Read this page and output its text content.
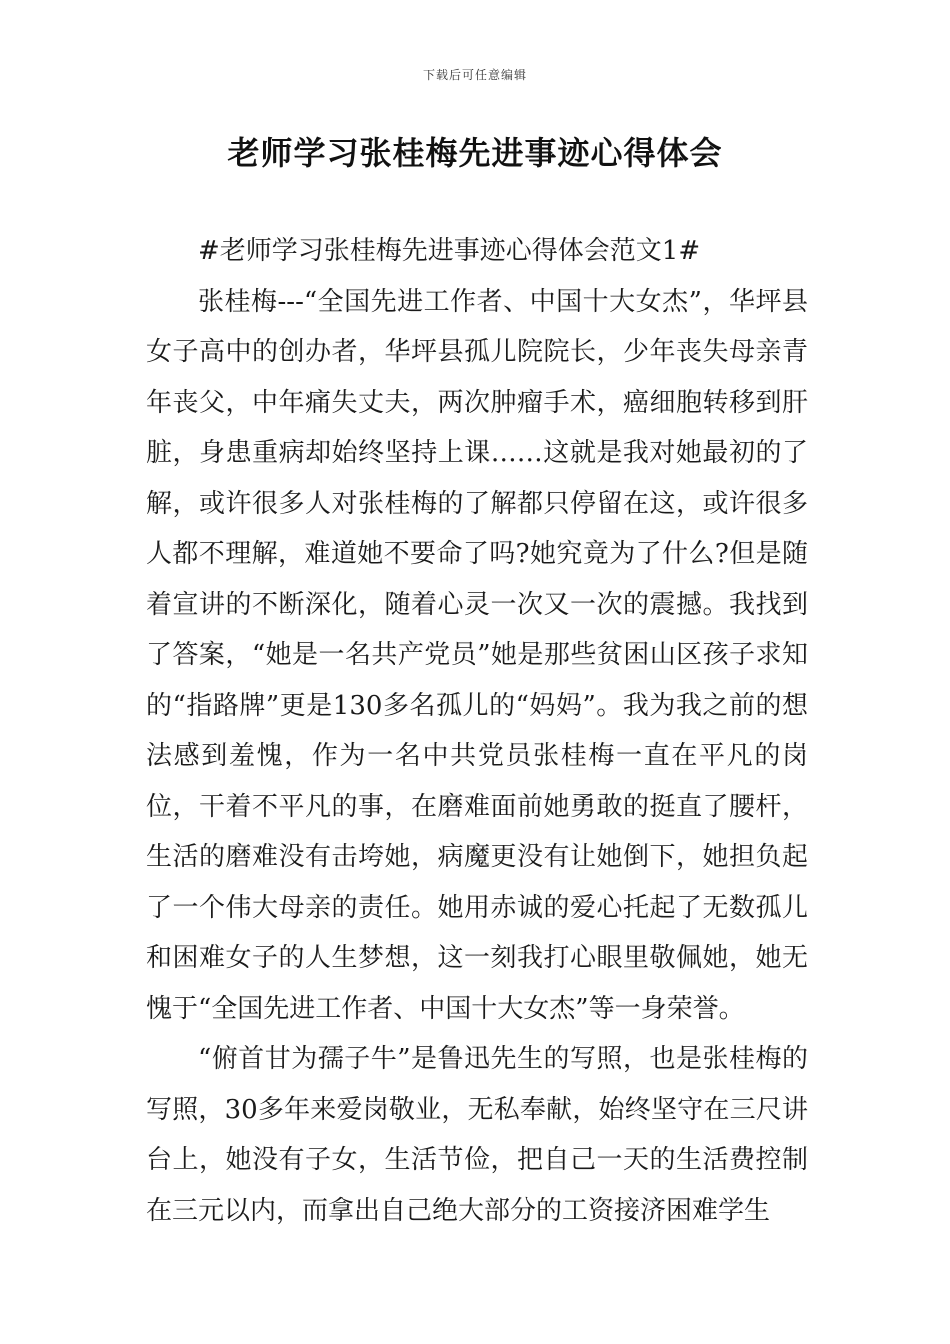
下载后可任意编辑
老师学习张桂梅先进事迹心得体会

#老师学习张桂梅先进事迹心得体会范文1#

张桂梅---“全国先进工作者、中国十大女杰”，华坪县女子高中的创办者，华坪县孤儿院院长，少年丧失母亲青年丧父，中年痛失丈夫，两次肿瘤手术，癌细胞转移到肝脏，身患重病却始终坚持上课……这就是我对她最初的了解，或许很多人对张桂梅的了解都只停留在这，或许很多人都不理解，难道她不要命了吗?她究竟为了什么?但是随着宣讲的不断深化，随着心灵一次又一次的震撼。我找到了答案，“她是一名共产党员”她是那些贫困山区孩子求知的“指路牌”更是130多名孤儿的“妈妈”。我为我之前的想法感到羞愧，作为一名中共党员张桂梅一直在平凡的岗位，干着不平凡的事，在磨难面前她勇敢的挺直了腰杆，生活的磨难没有击垮她，病魔更没有让她倒下，她担负起了一个伟大母亲的责任。她用赤诚的爱心托起了无数孤儿和困难女子的人生梦想，这一刻我打心眼里敬佩她，她无愧于“全国先进工作者、中国十大女杰”等一身荣誉。

“俯首甘为孺子牛”是鲁迅先生的写照，也是张桂梅的写照，30多年来爱岗敬业，无私奉献，始终坚守在三尺讲台上，她没有子女，生活节俭，把自己一天的生活费控制在三元以内，而拿出自己绝大部分的工资接济困难学生
